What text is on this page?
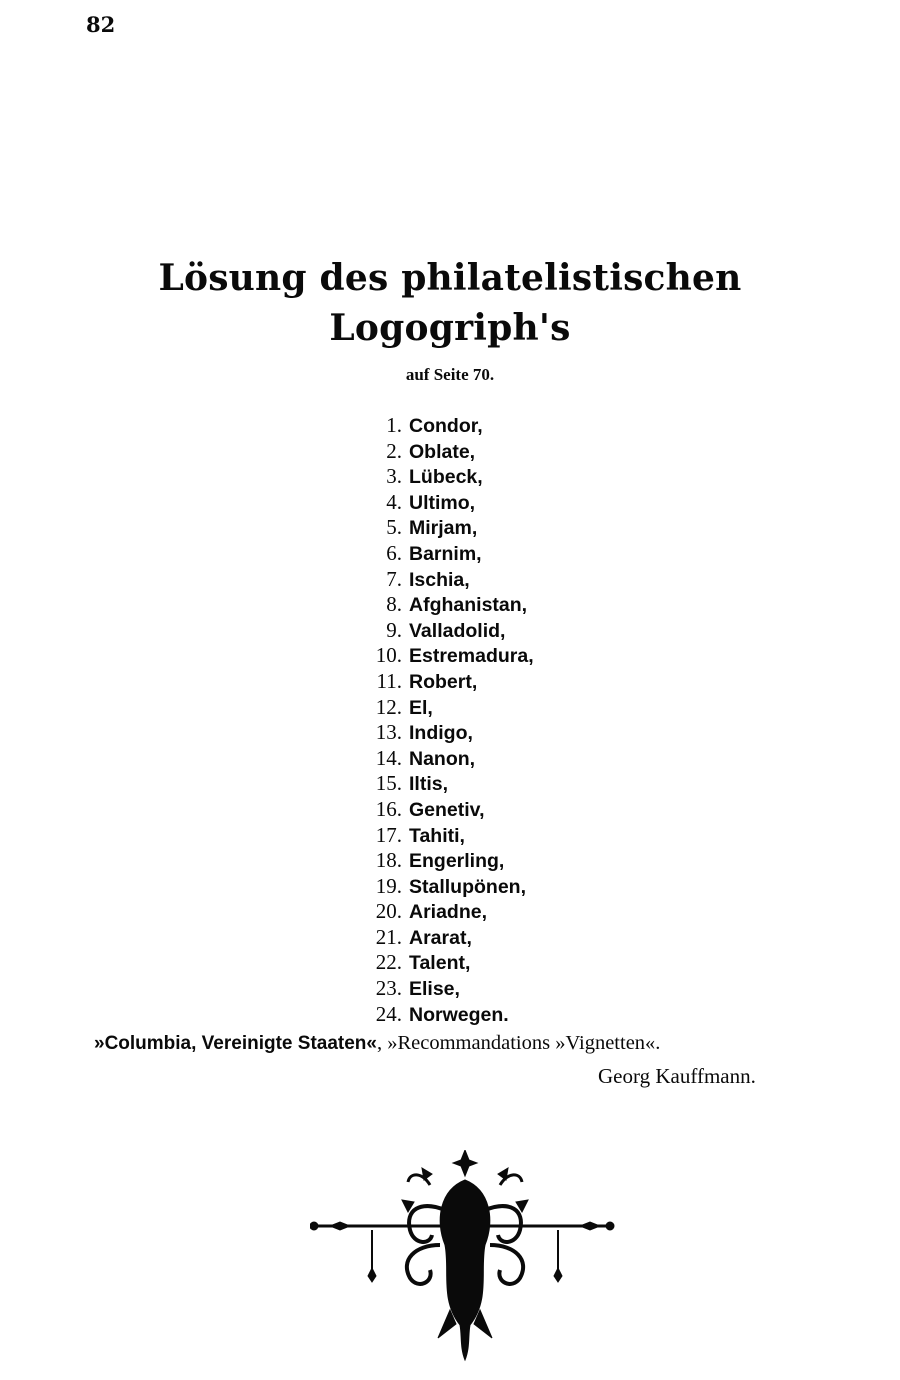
82
Lösung des philatelistischen
Logogriph's
auf Seite 70.
1. Condor,
2. Oblate,
3. Lübeck,
4. Ultimo,
5. Mirjam,
6. Barnim,
7. Ischia,
8. Afghanistan,
9. Valladolid,
10. Estremadura,
11. Robert,
12. El,
13. Indigo,
14. Nanon,
15. Iltis,
16. Genetiv,
17. Tahiti,
18. Engerling,
19. Stallupönen,
20. Ariadne,
21. Ararat,
22. Talent,
23. Elise,
24. Norwegen.
»Columbia, Vereinigte Staaten«, »Recommandations »Vignetten«.
Georg Kauffmann.
